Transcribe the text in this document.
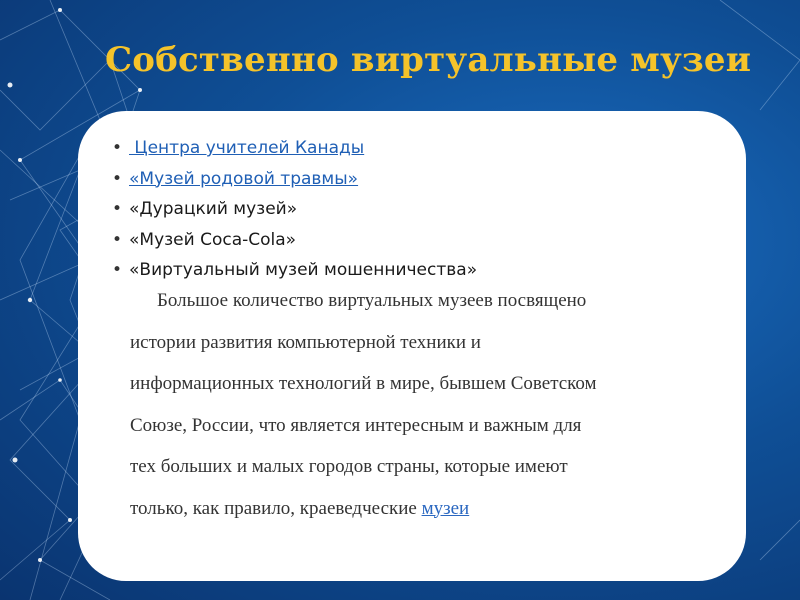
Собственно виртуальные музеи
• Центра учителей Канады
• «Музей родовой травмы»
• «Дурацкий музей»
• «Музей Coca-Cola»
• «Виртуальный музей мошенничества»
Большое количество виртуальных музеев посвящено
истории развития компьютерной техники и
информационных технологий в мире, бывшем Советском
Союзе, России, что является интересным и важным для
тех больших и малых городов страны, которые имеют
только, как правило, краеведческие музеи
